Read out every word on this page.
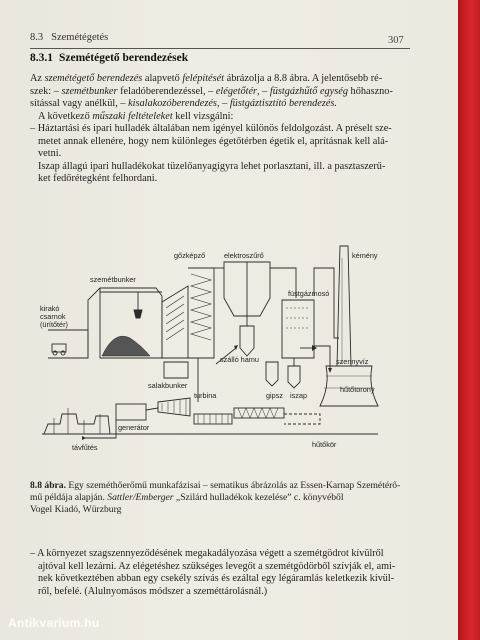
8.3 Szemétégetés	307
8.3.1 Szemétégető berendezések
Az szemétégető berendezés alapvető felépítését ábrázolja a 8.8 ábra. A jelentősebb ré-
szek: – szemétbunker feladóberendezéssel, – elégetőtér, – füstgázhűtő egység hőhaszno-
sítással vagy anélkül, – kisalakozóberendezés, – füstgáztisztító berendezés.
A következő műszaki feltételeket kell vizsgálni:
– Háztartási és ipari hulladék általában nem igényel különös feldolgozást. A préselt sze-
metet annak ellenére, hogy nem különleges égetőtérben égetik el, aprításnak kell alá-
vetni.
Iszap állagú ipari hulladékokat tüzelőanyagígyra lehet porlasztani, ill. a pasztaszerű-
ket fedőrétegként felhordani.
gőzképző	elektroszűrő	kémény
szemétbunker
kirakó
csarnok
(ürítőtér)
füstgázmosó
szennyvíz
szálló hamu
salakbunker	hűtőtorony
turbina	gipsz iszap
generátor
távfűtés	hűtőkör
8.8 ábra. Egy szeméthőerőmű munkafázisai – sematikus ábrázolás az Essen-Karnap Szemétérő-
mű példája alapján. Sattler/Emberger „Szilárd hulladékok kezelése” c. könyvéből
Vogel Kiadó, Würzburg
– A környezet szagszennyeződésének megakadályozása végett a szemétgödrot kívülről
ajtóval kell lezárni. Az elégetéshez szükséges levegőt a szemétgödörből szívják el, ami-
nek következtében abban egy csekély szívás és ezáltal egy légáramlás keletkezik kívül-
ről, befelé. (Alulnyomásos módszer a szeméttárolásnál.)
Antikvarium.hu
